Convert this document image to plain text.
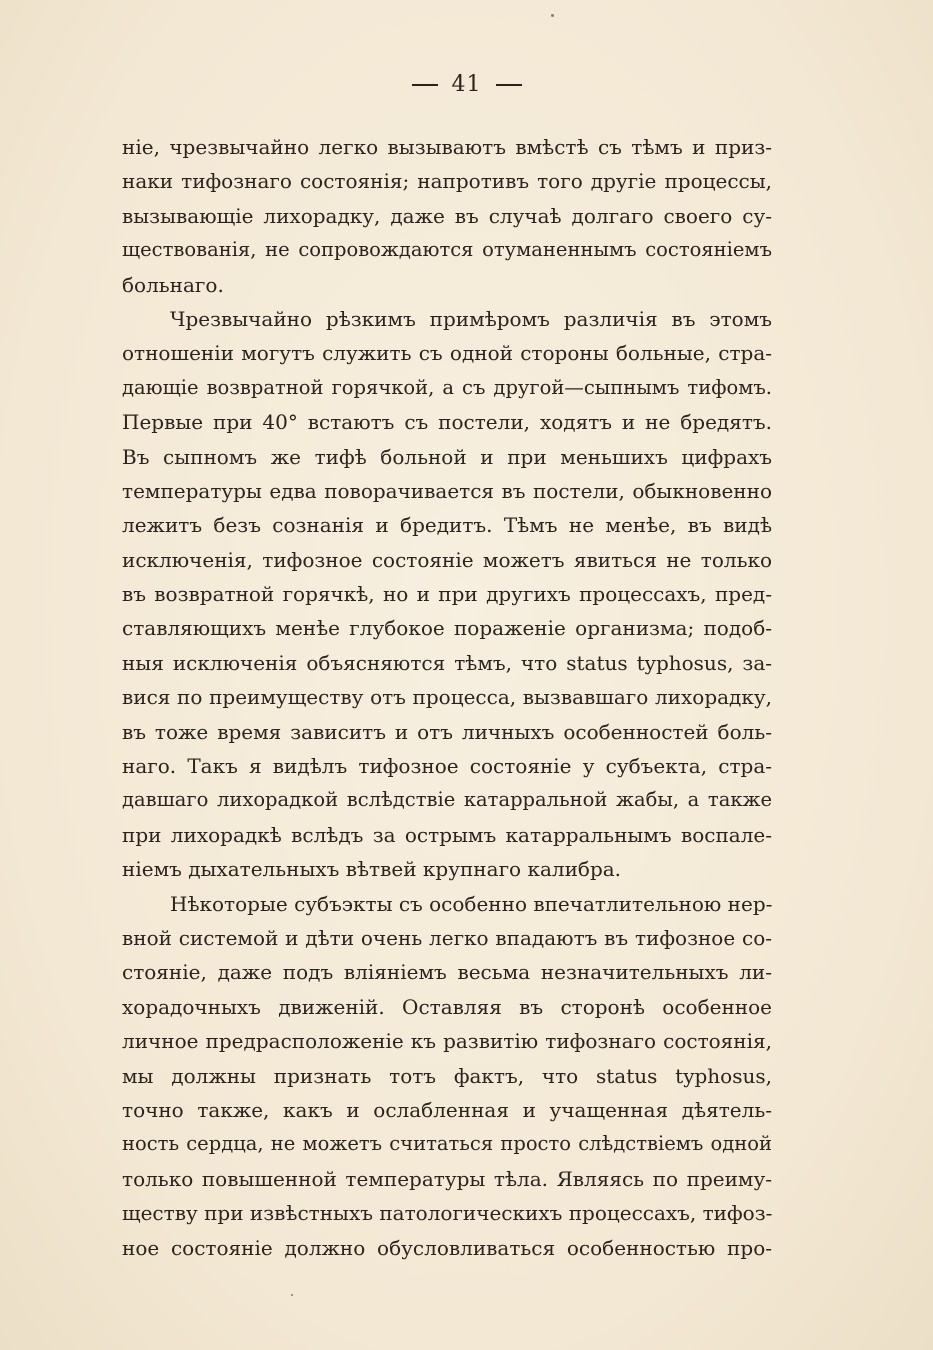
41
ніе, чрезвычайно легко вызываютъ вмѣстѣ съ тѣмъ и приз-
наки тифознаго состоянія; напротивъ того другіе процессы,
вызывающіе лихорадку, даже въ случаѣ долгаго своего су-
ществованія, не сопровождаются отуманеннымъ состояніемъ
больнаго.
Чрезвычайно рѣзкимъ примѣромъ различія въ этомъ
отношеніи могутъ служить съ одной стороны больные, стра-
дающіе возвратной горячкой, а съ другой—сыпнымъ тифомъ.
Первые при 40° встаютъ съ постели, ходятъ и не бредятъ.
Въ сыпномъ же тифѣ больной и при меньшихъ цифрахъ
температуры едва поворачивается въ постели, обыкновенно
лежитъ безъ сознанія и бредитъ. Тѣмъ не менѣе, въ видѣ
исключенія, тифозное состояніе можетъ явиться не только
въ возвратной горячкѣ, но и при другихъ процессахъ, пред-
ставляющихъ менѣе глубокое пораженіе организма; подоб-
ныя исключенія объясняются тѣмъ, что status typhosus, за-
вися по преимуществу отъ процесса, вызвавшаго лихорадку,
въ тоже время зависитъ и отъ личныхъ особенностей боль-
наго. Такъ я видѣлъ тифозное состояніе у субъекта, стра-
давшаго лихорадкой вслѣдствіе катарральной жабы, а также
при лихорадкѣ вслѣдъ за острымъ катарральнымъ воспале-
ніемъ дыхательныхъ вѣтвей крупнаго калибра.
Нѣкоторые субъэкты съ особенно впечатлительною нер-
вной системой и дѣти очень легко впадаютъ въ тифозное со-
стояніе, даже подъ вліяніемъ весьма незначительныхъ ли-
хорадочныхъ движеній. Оставляя въ сторонѣ особенное
личное предрасположеніе къ развитію тифознаго состоянія,
мы должны признать тотъ фактъ, что status typhosus,
точно также, какъ и ослабленная и учащенная дѣятель-
ность сердца, не можетъ считаться просто слѣдствіемъ одной
только повышенной температуры тѣла. Являясь по преиму-
ществу при извѣстныхъ патологическихъ процессахъ, тифоз-
ное состояніе должно обусловливаться особенностью про-
